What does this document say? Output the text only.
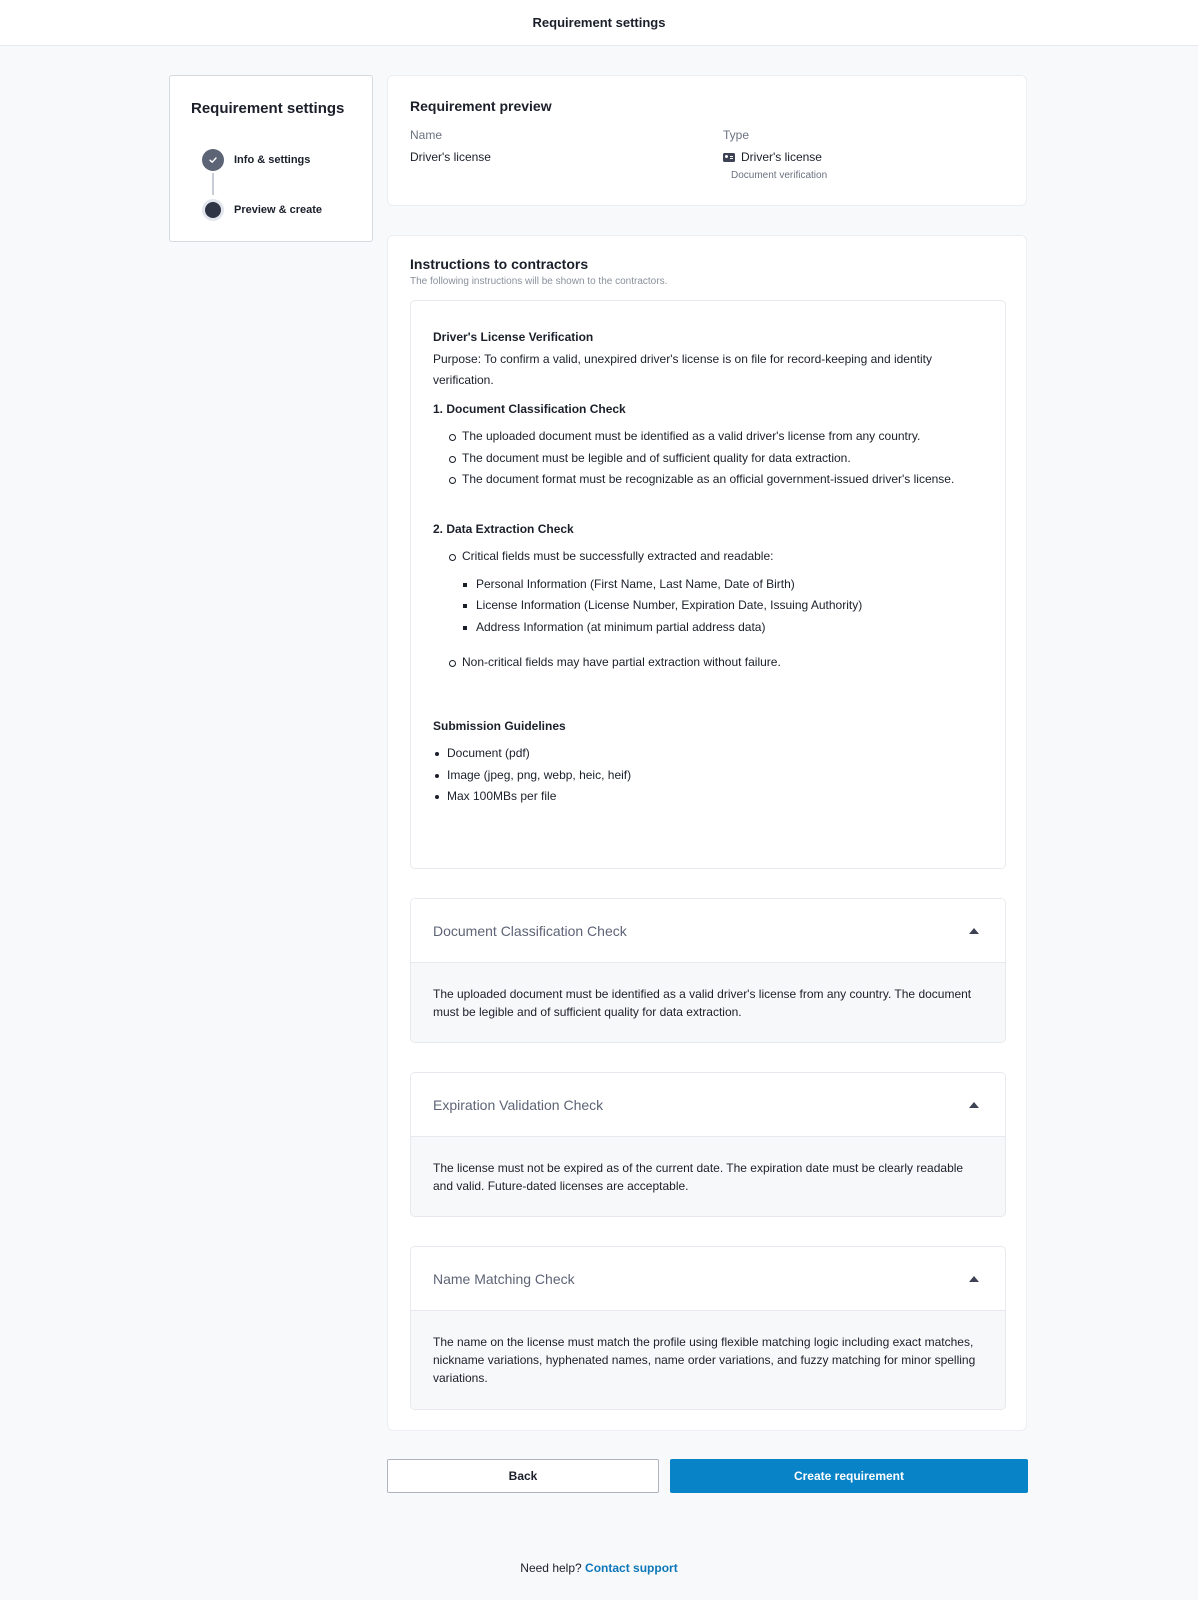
Requirement settings
Requirement settings
Info & settings
Preview & create
Requirement preview
Name
Driver's license
Type
Driver's license
Document verification
Instructions to contractors
The following instructions will be shown to the contractors.
Driver's License Verification
Purpose: To confirm a valid, unexpired driver's license is on file for record-keeping and identity verification.
1. Document Classification Check
The uploaded document must be identified as a valid driver's license from any country.
The document must be legible and of sufficient quality for data extraction.
The document format must be recognizable as an official government-issued driver's license.
2. Data Extraction Check
Critical fields must be successfully extracted and readable:
Personal Information (First Name, Last Name, Date of Birth)
License Information (License Number, Expiration Date, Issuing Authority)
Address Information (at minimum partial address data)
Non-critical fields may have partial extraction without failure.
Submission Guidelines
Document (pdf)
Image (jpeg, png, webp, heic, heif)
Max 100MBs per file
Document Classification Check
The uploaded document must be identified as a valid driver's license from any country. The document must be legible and of sufficient quality for data extraction.
Expiration Validation Check
The license must not be expired as of the current date. The expiration date must be clearly readable and valid. Future-dated licenses are acceptable.
Name Matching Check
The name on the license must match the profile using flexible matching logic including exact matches, nickname variations, hyphenated names, name order variations, and fuzzy matching for minor spelling variations.
Back	Create requirement
Need help? Contact support
